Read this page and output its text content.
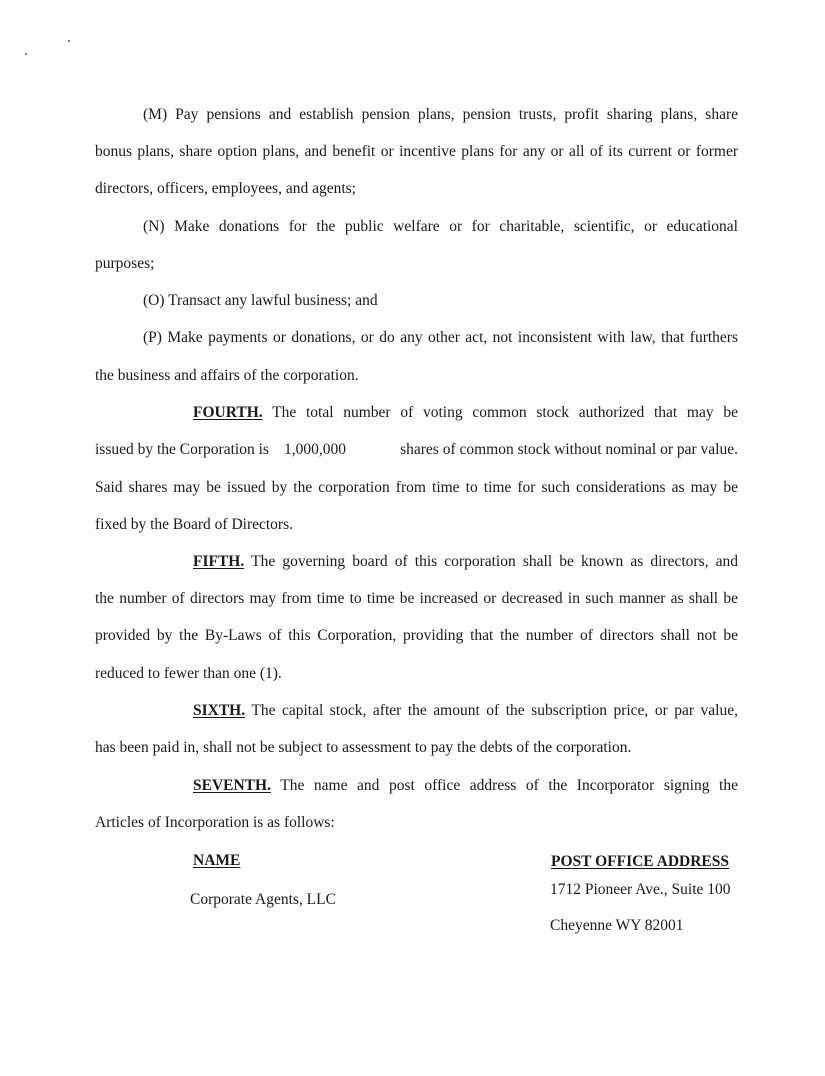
(M) Pay pensions and establish pension plans, pension trusts, profit sharing plans, share
bonus plans, share option plans, and benefit or incentive plans for any or all of its current or former
directors, officers, employees, and agents;
(N) Make donations for the public welfare or for charitable, scientific, or educational
purposes;
(O) Transact any lawful business; and
(P) Make payments or donations, or do any other act, not inconsistent with law, that furthers
the business and affairs of the corporation.
FOURTH. The total number of voting common stock authorized that may be
issued by the Corporation is 1,000,000	shares of common stock without nominal or par value.
Said shares may be issued by the corporation from time to time for such considerations as may be
fixed by the Board of Directors.
FIFTH. The governing board of this corporation shall be known as directors, and
the number of directors may from time to time be increased or decreased in such manner as shall be
provided by the By-Laws of this Corporation, providing that the number of directors shall not be
reduced to fewer than one (1).
SIXTH. The capital stock, after the amount of the subscription price, or par value,
has been paid in, shall not be subject to assessment to pay the debts of the corporation.
SEVENTH. The name and post office address of the Incorporator signing the
Articles of Incorporation is as follows:
NAME	POST OFFICE ADDRESS
Corporate Agents, LLC
1712 Pioneer Ave., Suite 100
Cheyenne WY 82001
